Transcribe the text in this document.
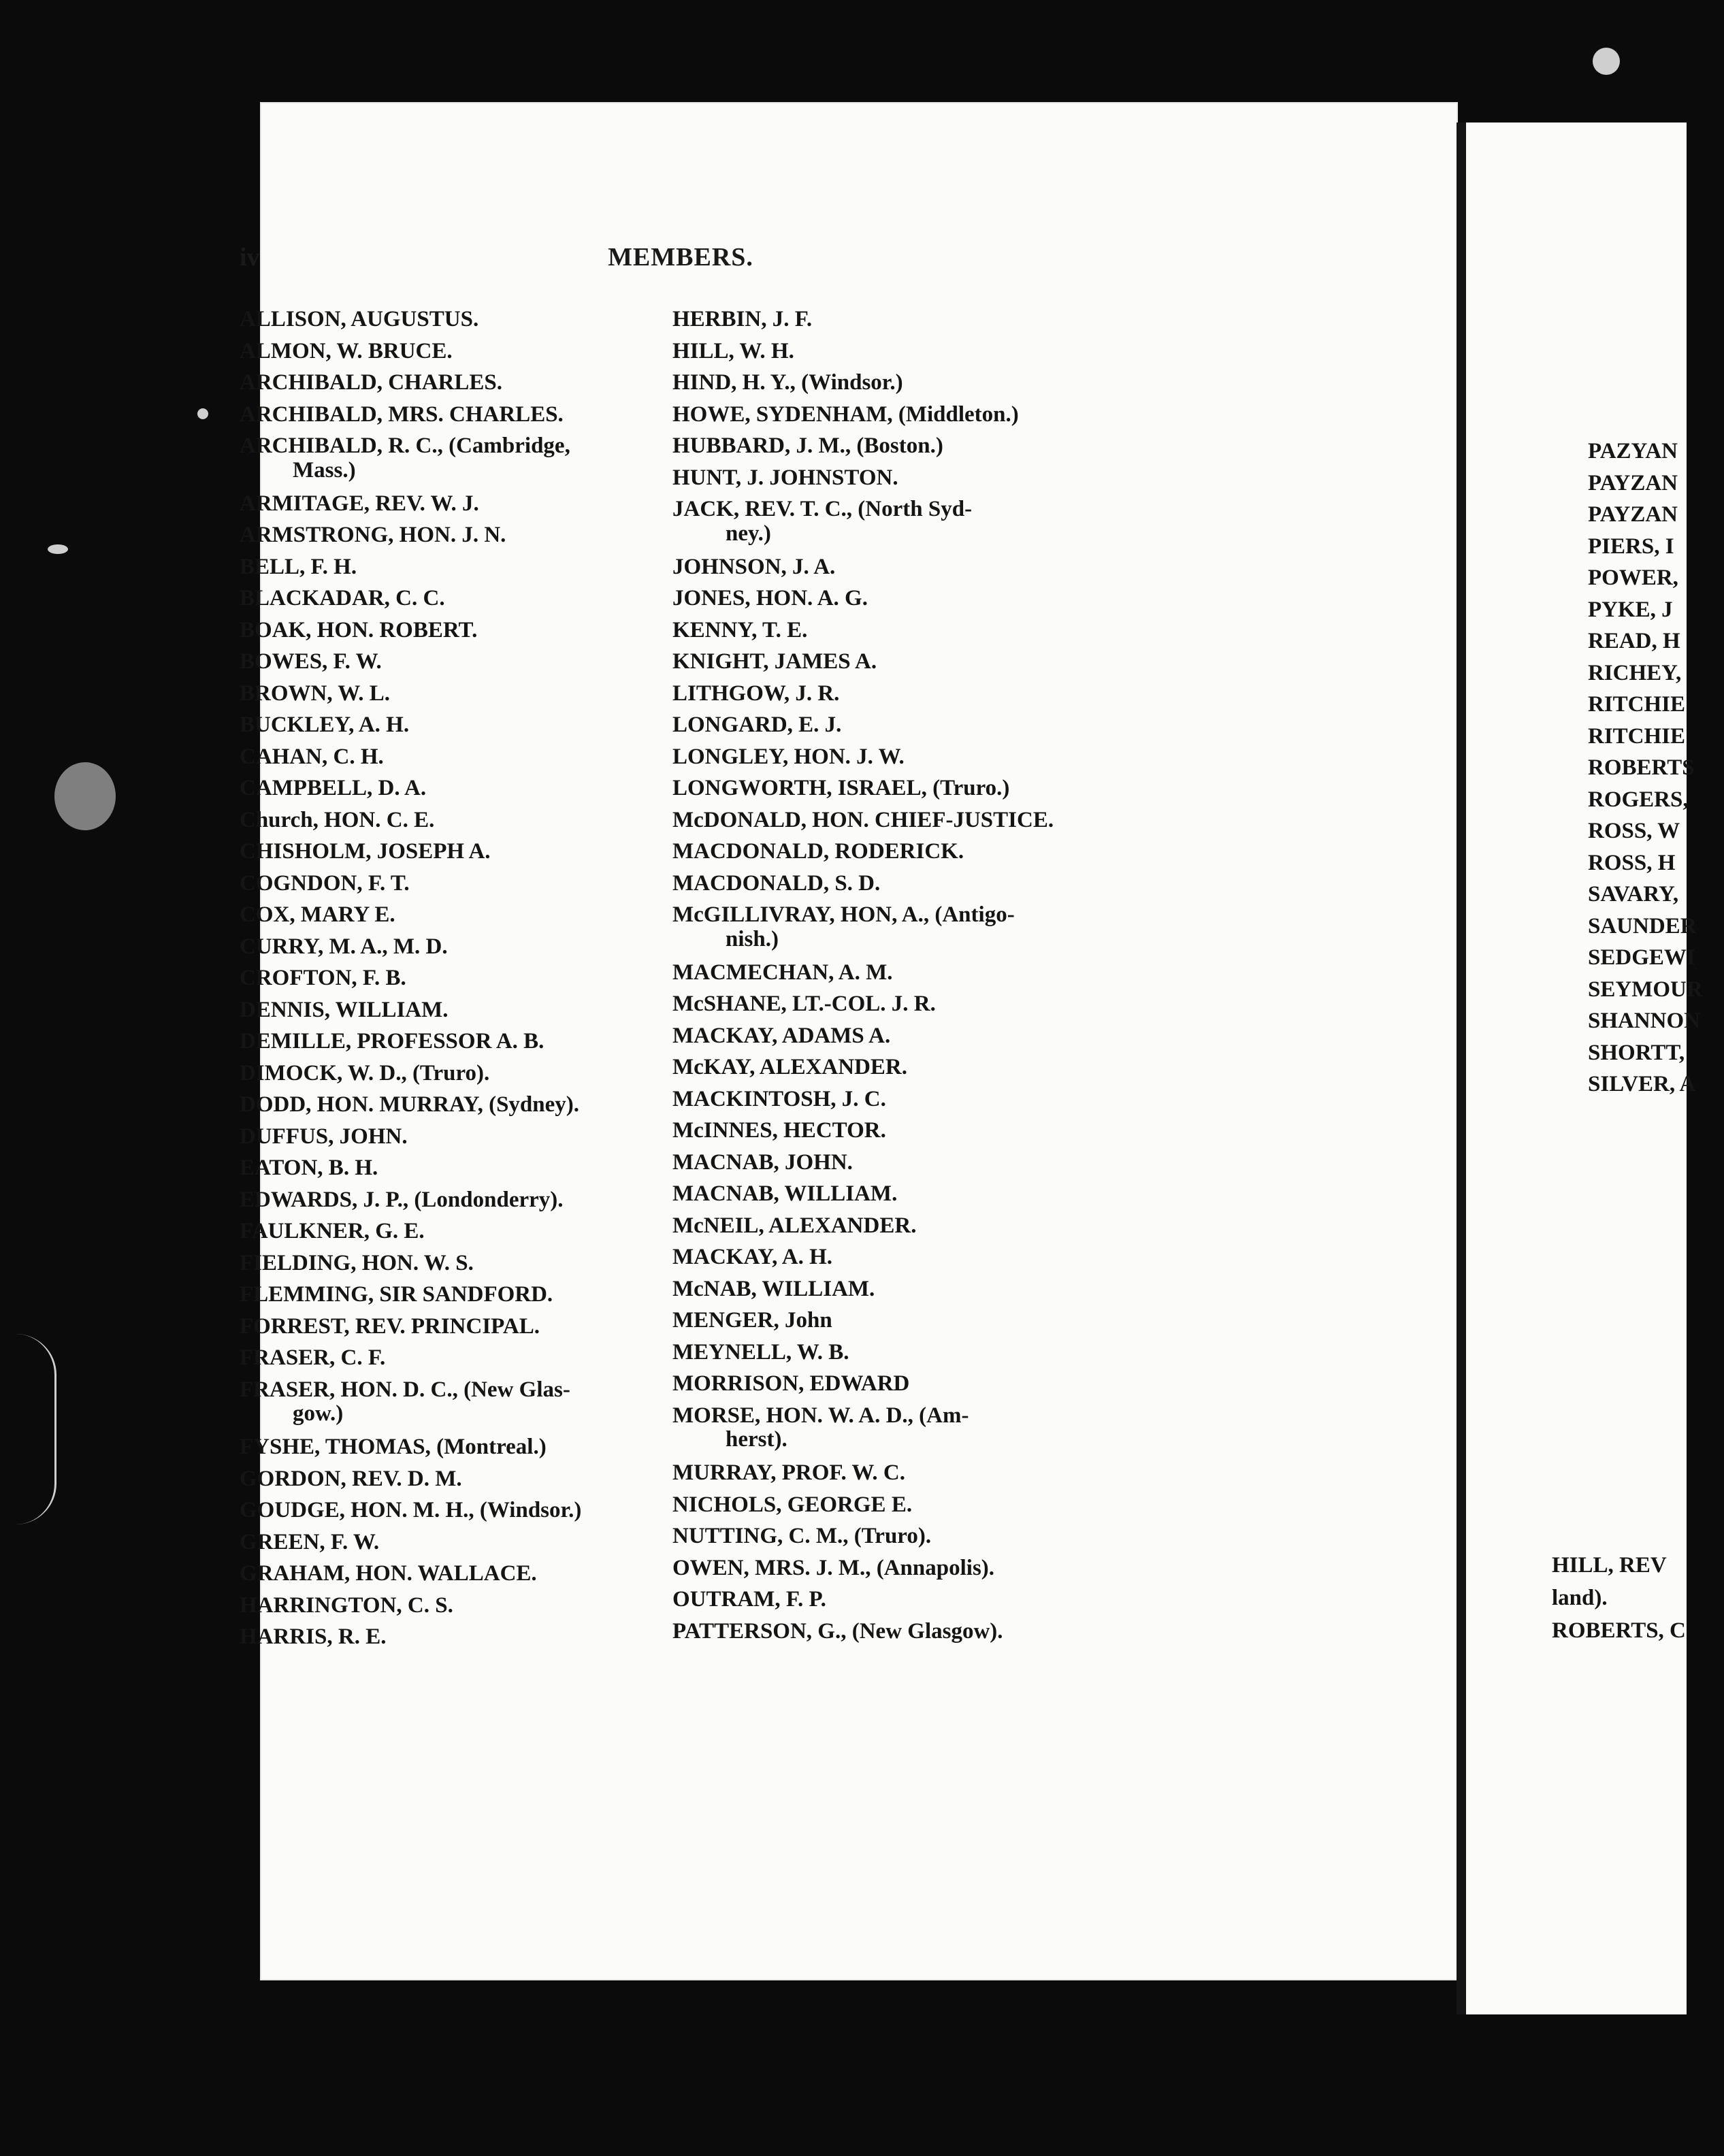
iv	MEMBERS.
ALLISON, AUGUSTUS.
ALMON, W. BRUCE.
ARCHIBALD, CHARLES.
ARCHIBALD, MRS. CHARLES.
ARCHIBALD, R. C., (Cambridge,
Mass.)
ARMITAGE, REV. W. J.
ARMSTRONG, HON. J. N.
BELL, F. H.
BLACKADAR, C. C.
BOAK, HON. ROBERT.
BOWES, F. W.
BROWN, W. L.
BUCKLEY, A. H.
CAHAN, C. H.
CAMPBELL, D. A.
Church, HON. C. E.
CHISHOLM, JOSEPH A.
COGNDON, F. T.
COX, MARY E.
CURRY, M. A., M. D.
CROFTON, F. B.
DENNIS, WILLIAM.
DEMILLE, PROFESSOR A. B.
DIMOCK, W. D., (Truro).
DODD, HON. MURRAY, (Sydney).
DUFFUS, JOHN.
EATON, B. H.
EDWARDS, J. P., (Londonderry).
FAULKNER, G. E.
FIELDING, HON. W. S.
FLEMMING, SIR SANDFORD.
FORREST, REV. PRINCIPAL.
FRASER, C. F.
FRASER, HON. D. C., (New Glas-
gow.)
FYSHE, THOMAS, (Montreal.)
GORDON, REV. D. M.
GOUDGE, HON. M. H., (Windsor.)
GREEN, F. W.
GRAHAM, HON. WALLACE.
HARRINGTON, C. S.
HARRIS, R. E.
HERBIN, J. F.
HILL, W. H.
HIND, H. Y., (Windsor.)
HOWE, SYDENHAM, (Middleton.)
HUBBARD, J. M., (Boston.)
HUNT, J. JOHNSTON.
JACK, REV. T. C., (North Syd-
ney.)
JOHNSON, J. A.
JONES, HON. A. G.
KENNY, T. E.
KNIGHT, JAMES A.
LITHGOW, J. R.
LONGARD, E. J.
LONGLEY, HON. J. W.
LONGWORTH, ISRAEL, (Truro.)
McDONALD, HON. CHIEF-JUSTICE.
MACDONALD, RODERICK.
MACDONALD, S. D.
McGILLIVRAY, HON, A., (Antigo-
nish.)
MACMECHAN, A. M.
McSHANE, LT.-COL. J. R.
MACKAY, ADAMS A.
McKAY, ALEXANDER.
MACKINTOSH, J. C.
McINNES, HECTOR.
MACNAB, JOHN.
MACNAB, WILLIAM.
McNEIL, ALEXANDER.
MACKAY, A. H.
McNAB, WILLIAM.
MENGER, John
MEYNELL, W. B.
MORRISON, EDWARD
MORSE, HON. W. A. D., (Am-
herst).
MURRAY, PROF. W. C.
NICHOLS, GEORGE E.
NUTTING, C. M., (Truro).
OWEN, MRS. J. M., (Annapolis).
OUTRAM, F. P.
PATTERSON, G., (New Glasgow).
PAZYAN
PAYZAN
PAYZAN
PIERS, I
POWER,
PYKE, J
READ, H
RICHEY,
RITCHIE
RITCHIE
ROBERTS
ROGERS,
ROSS, W
ROSS, H
SAVARY,
SAUNDER
SEDGEWI
SEYMOUR
SHANNON
SHORTT,
SILVER, A
HILL, REV
land).
ROBERTS, C
